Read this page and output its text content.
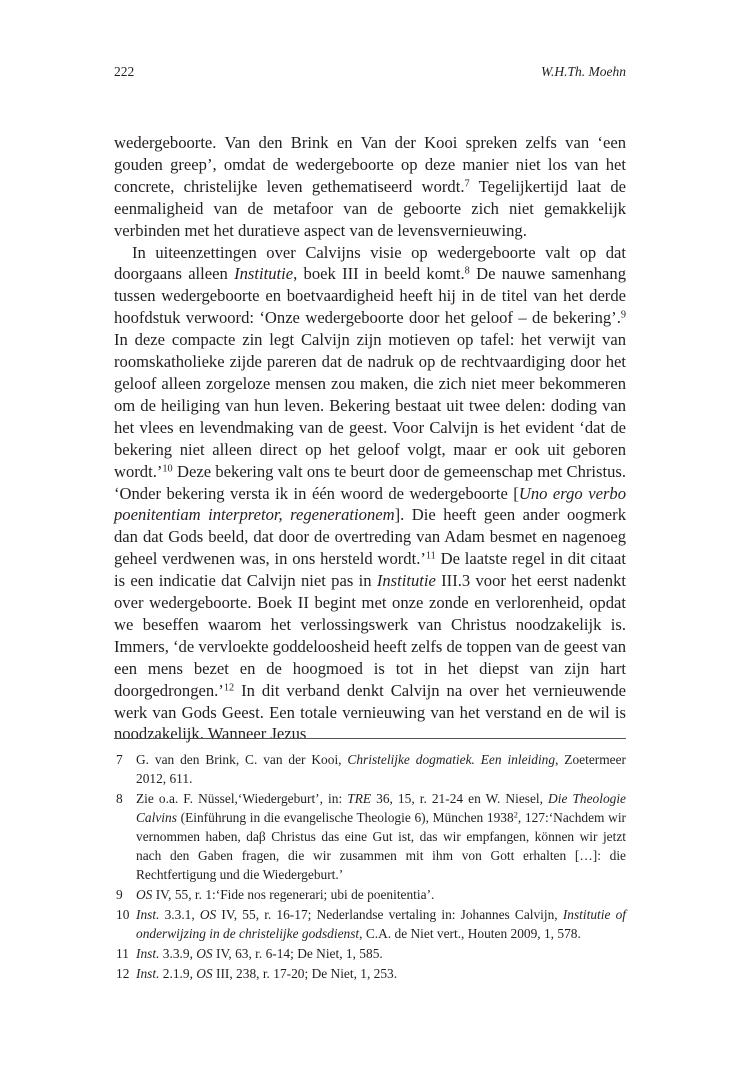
222	W.H.Th. Moehn

wedergeboorte. Van den Brink en Van der Kooi spreken zelfs van ‘een gouden greep’, omdat de wedergeboorte op deze manier niet los van het concrete, christelijke leven gethematiseerd wordt.$^7$ Tegelijkertijd laat de eenmaligheid van de metafoor van de geboorte zich niet gemakkelijk verbinden met het duratieve aspect van de levensvernieuwing.

In uiteenzettingen over Calvijns visie op wedergeboorte valt op dat doorgaans alleen Institutie, boek III in beeld komt.$^8$ De nauwe samenhang tussen wedergeboorte en boetvaardigheid heeft hij in de titel van het derde hoofdstuk verwoord: ‘Onze wedergeboorte door het geloof – de bekering’.$^9$ In deze compacte zin legt Calvijn zijn motieven op tafel: het verwijt van roomskatholieke zijde pareren dat de nadruk op de rechtvaardiging door het geloof alleen zorgeloze mensen zou maken, die zich niet meer bekommeren om de heiliging van hun leven. Bekering bestaat uit twee delen: doding van het vlees en levendmaking van de geest. Voor Calvijn is het evident ‘dat de bekering niet alleen direct op het geloof volgt, maar er ook uit geboren wordt.’$^{10}$ Deze bekering valt ons te beurt door de gemeenschap met Christus. ‘Onder bekering versta ik in één woord de wedergeboorte [Uno ergo verbo poenitentiam interpretor, regenerationem]. Die heeft geen ander oogmerk dan dat Gods beeld, dat door de overtreding van Adam besmet en nagenoeg geheel verdwenen was, in ons hersteld wordt.’$^{11}$ De laatste regel in dit citaat is een indicatie dat Calvijn niet pas in Institutie III.3 voor het eerst nadenkt over wedergeboorte. Boek II begint met onze zonde en verlorenheid, opdat we beseffen waarom het verlossingswerk van Christus noodzakelijk is. Immers, ‘de vervloekte goddeloosheid heeft zelfs de toppen van de geest van een mens bezet en de hoogmoed is tot in het diepst van zijn hart doorgedrongen.’$^{12}$ In dit verband denkt Calvijn na over het vernieuwende werk van Gods Geest. Een totale vernieuwing van het verstand en de wil is noodzakelijk. Wanneer Jezus

7 G. van den Brink, C. van der Kooi, Christelijke dogmatiek. Een inleiding, Zoetermeer 2012, 611.
8 Zie o.a. F. Nüssel,‘Wiedergeburt’, in: TRE 36, 15, r. 21-24 en W. Niesel, Die Theologie Calvins (Einführung in die evangelische Theologie 6), München 1938$^2$, 127:‘Nachdem wir vernommen haben, daβ Christus das eine Gut ist, das wir empfangen, können wir jetzt nach den Gaben fragen, die wir zusammen mit ihm von Gott erhalten […]: die Rechtfertigung und die Wiedergeburt.’
9 OS IV, 55, r. 1:‘Fide nos regenerari; ubi de poenitentia’.
10 Inst. 3.3.1, OS IV, 55, r. 16-17; Nederlandse vertaling in: Johannes Calvijn, Institutie of onderwijzing in de christelijke godsdienst, C.A. de Niet vert., Houten 2009, 1, 578.
11 Inst. 3.3.9, OS IV, 63, r. 6-14; De Niet, 1, 585.
12 Inst. 2.1.9, OS III, 238, r. 17-20; De Niet, 1, 253.
